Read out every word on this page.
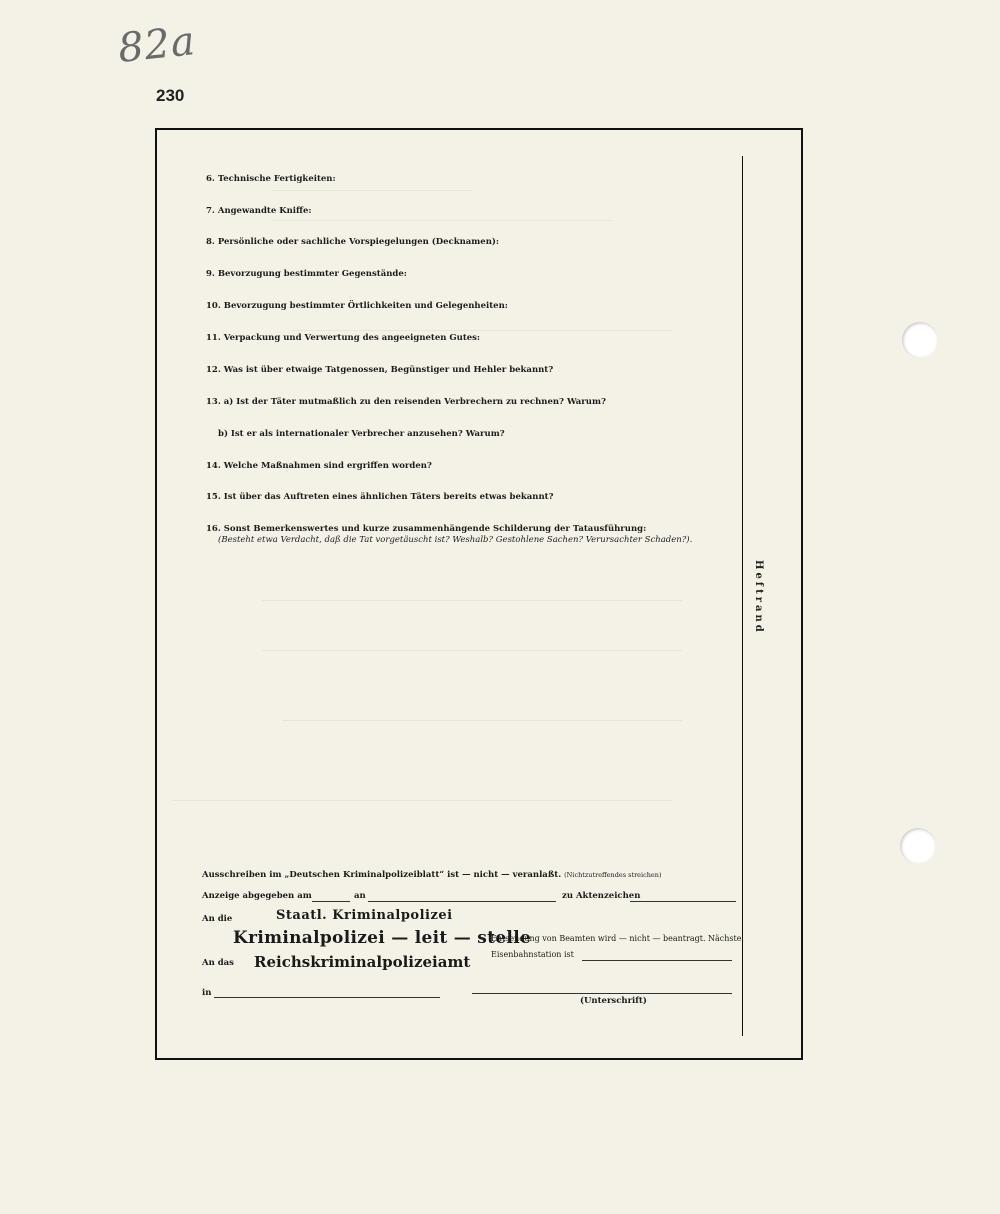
82a
230
Heftrand
6. Technische Fertigkeiten:
7. Angewandte Kniffe:
8. Persönliche oder sachliche Vorspiegelungen (Decknamen):
9. Bevorzugung bestimmter Gegenstände:
10. Bevorzugung bestimmter Örtlichkeiten und Gelegenheiten:
11. Verpackung und Verwertung des angeeigneten Gutes:
12. Was ist über etwaige Tatgenossen, Begünstiger und Hehler bekannt?
13. a) Ist der Täter mutmaßlich zu den reisenden Verbrechern zu rechnen? Warum?
b) Ist er als internationaler Verbrecher anzusehen? Warum?
14. Welche Maßnahmen sind ergriffen worden?
15. Ist über das Auftreten eines ähnlichen Täters bereits etwas bekannt?
16. Sonst Bemerkenswertes und kurze zusammenhängende Schilderung der Tatausführung:
(Besteht etwa Verdacht, daß die Tat vorgetäuscht ist? Weshalb? Gestohlene Sachen? Verursachter Schaden?).
Ausschreiben im „Deutschen Kriminalpolizeiblatt“ ist — nicht — veranlaßt. (Nichtzutreffendes streichen)
Anzeige abgegeben am	an	zu Aktenzeichen
An die	Staatl. Kriminalpolizei
Kriminalpolizei — leit — stelle
An das Reichskriminalpolizeiamt
Entsendung von Beamten wird — nicht — beantragt. Nächste
Eisenbahnstation ist
in
(Unterschrift)
